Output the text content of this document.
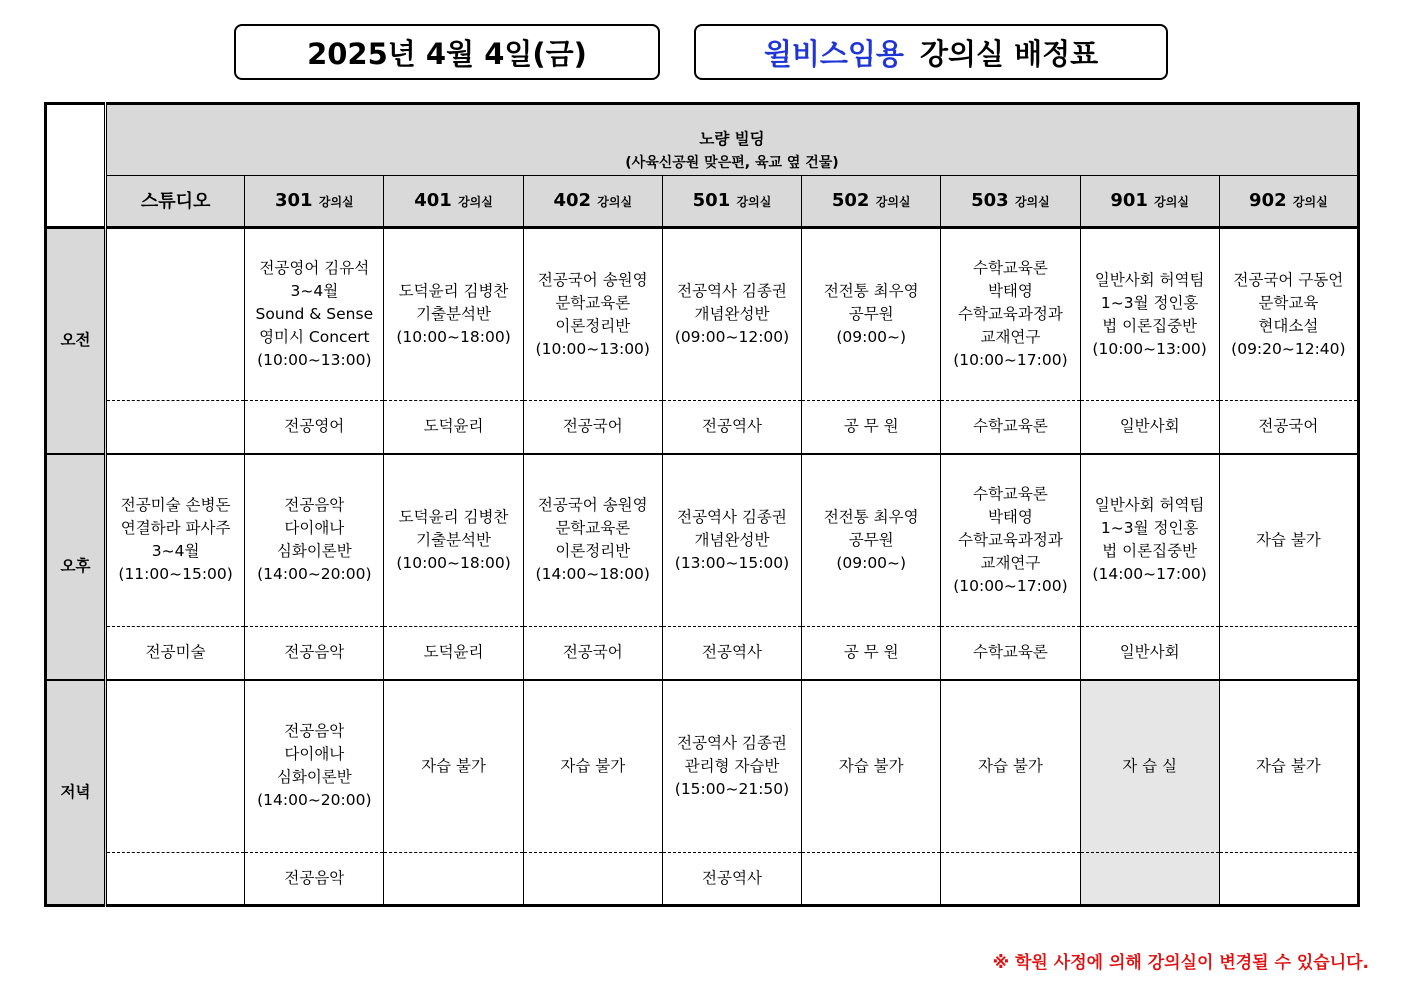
2025년 4월 4일(금)	윌비스임용 강의실 배정표

노량 빌딩
(사육신공원 맞은편, 육교 옆 건물)								

	스튜디오	301 강의실	401 강의실	402 강의실	501 강의실	502 강의실	503 강의실	901 강의실	902 강의실
오전		전공영어 김유석
3~4월
Sound & Sense
영미시 Concert
(10:00~13:00)	도덕윤리 김병찬
기출분석반
(10:00~18:00)	전공국어 송원영
문학교육론
이론정리반
(10:00~13:00)	전공역사 김종권
개념완성반
(09:00~12:00)	전전통 최우영
공무원
(09:00~)	수학교육론
박태영
수학교육과정과
교재연구
(10:00~17:00)	일반사회 허역팀
1~3월 정인홍
법 이론집중반
(10:00~13:00)	전공국어 구동언
문학교육
현대소설
(09:20~12:40)
		전공영어	도덕윤리	전공국어	전공역사	공 무 원	수학교육론	일반사회	전공국어
오후	전공미술 손병돈
연결하라 파사주
3~4월
(11:00~15:00)	전공음악
다이애나
심화이론반
(14:00~20:00)	도덕윤리 김병찬
기출분석반
(10:00~18:00)	전공국어 송원영
문학교육론
이론정리반
(14:00~18:00)	전공역사 김종권
개념완성반
(13:00~15:00)	전전통 최우영
공무원
(09:00~)	수학교육론
박태영
수학교육과정과
교재연구
(10:00~17:00)	일반사회 허역팀
1~3월 정인홍
법 이론집중반
(14:00~17:00)	자습 불가
	전공미술	전공음악	도덕윤리	전공국어	전공역사	공 무 원	수학교육론	일반사회	
저녁		전공음악
다이애나
심화이론반
(14:00~20:00)	자습 불가	자습 불가	전공역사 김종권
관리형 자습반
(15:00~21:50)	자습 불가	자습 불가	자 습 실	자습 불가
		전공음악			전공역사				
※ 학원 사정에 의해 강의실이 변경될 수 있습니다.
